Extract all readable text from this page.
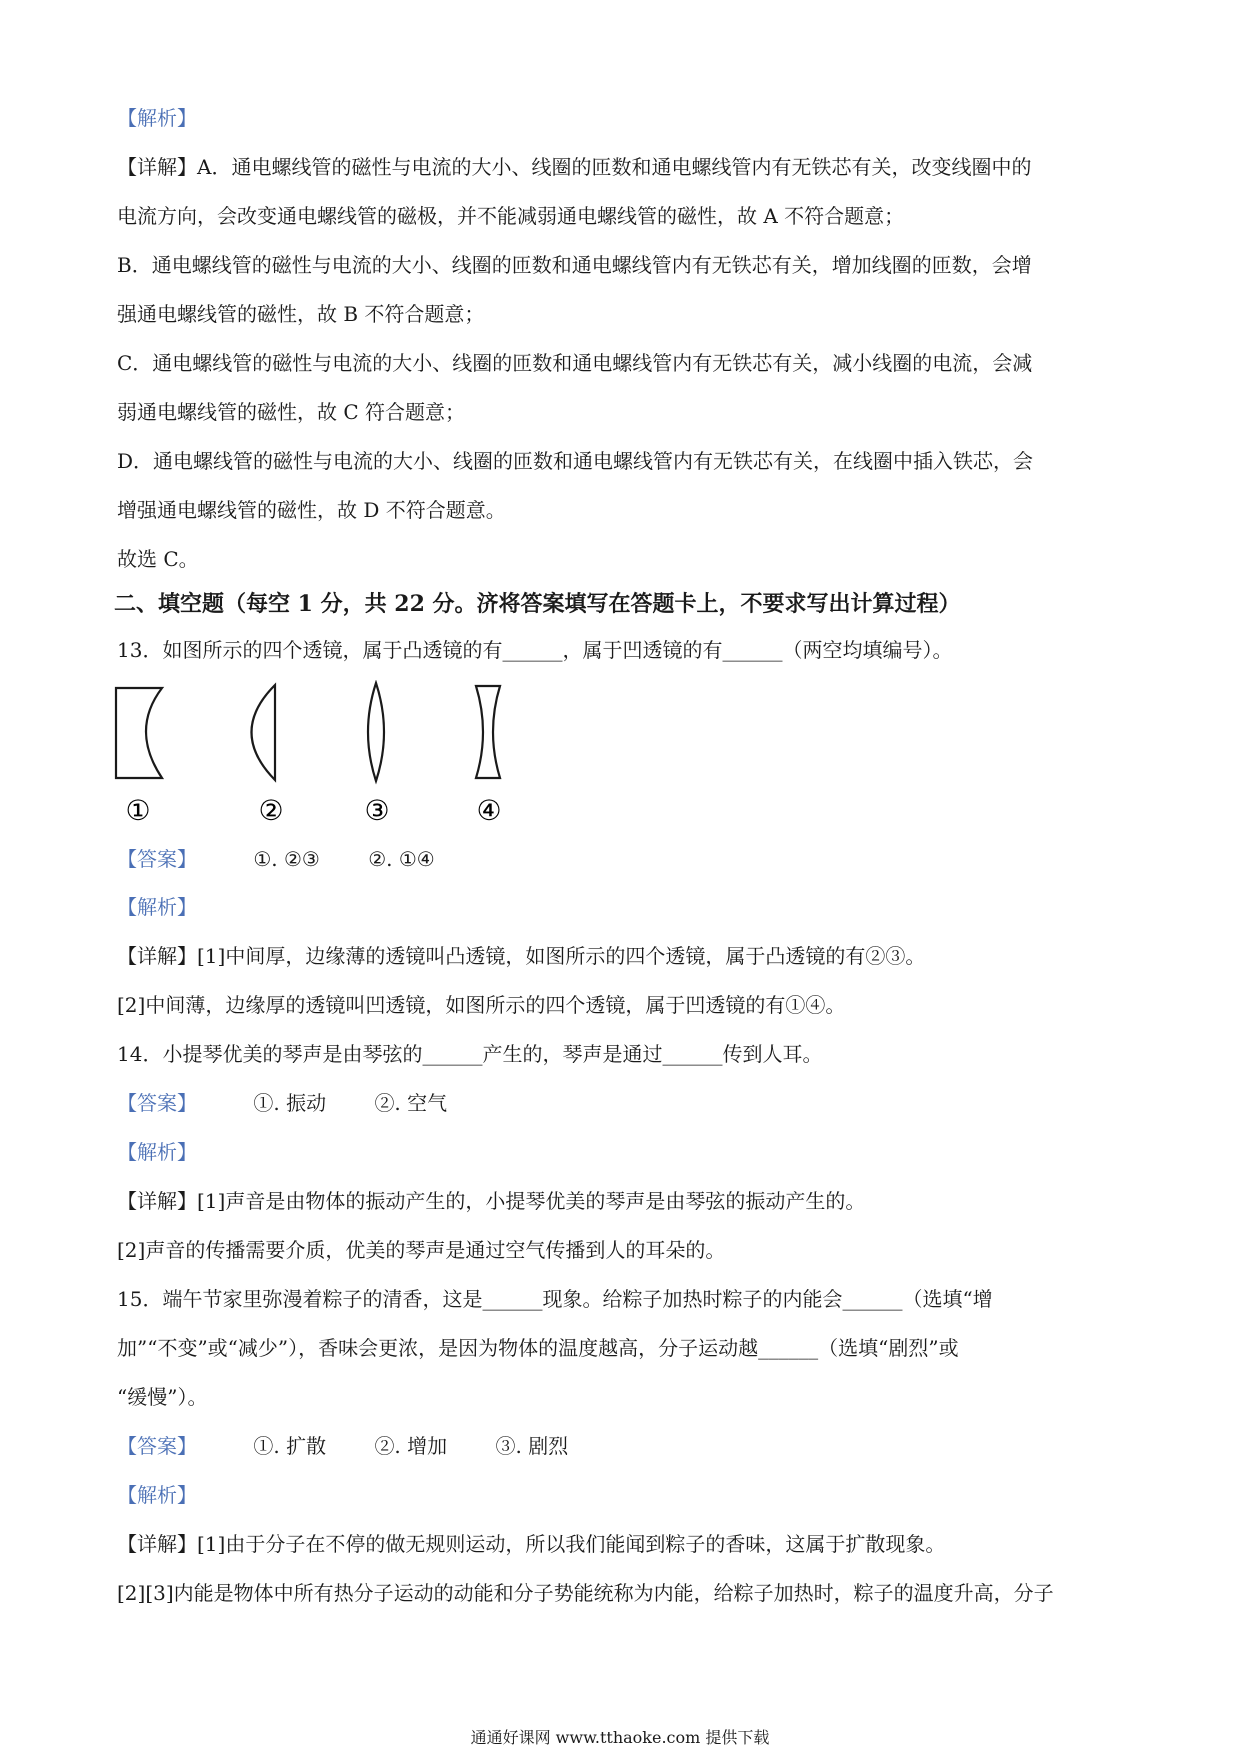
【解析】
【详解】A．通电螺线管的磁性与电流的大小、线圈的匝数和通电螺线管内有无铁芯有关，改变线圈中的
电流方向，会改变通电螺线管的磁极，并不能减弱通电螺线管的磁性，故 A 不符合题意；
B．通电螺线管的磁性与电流的大小、线圈的匝数和通电螺线管内有无铁芯有关，增加线圈的匝数，会增
强通电螺线管的磁性，故 B 不符合题意；
C．通电螺线管的磁性与电流的大小、线圈的匝数和通电螺线管内有无铁芯有关，减小线圈的电流，会减
弱通电螺线管的磁性，故 C 符合题意；
D．通电螺线管的磁性与电流的大小、线圈的匝数和通电螺线管内有无铁芯有关，在线圈中插入铁芯，会
增强通电螺线管的磁性，故 D 不符合题意。
故选 C。
二、填空题（每空 1 分，共 22 分。济将答案填写在答题卡上，不要求写出计算过程）
13．如图所示的四个透镜，属于凸透镜的有______，属于凹透镜的有______（两空均填编号）。
①	②	③	④
【答案】	①. ②③ ②. ①④
【解析】
【详解】[1]中间厚，边缘薄的透镜叫凸透镜，如图所示的四个透镜，属于凸透镜的有②③。
[2]中间薄，边缘厚的透镜叫凹透镜，如图所示的四个透镜，属于凹透镜的有①④。
14．小提琴优美的琴声是由琴弦的______产生的，琴声是通过______传到人耳。
【答案】	①. 振动 ②. 空气
【解析】
【详解】[1]声音是由物体的振动产生的，小提琴优美的琴声是由琴弦的振动产生的。
[2]声音的传播需要介质，优美的琴声是通过空气传播到人的耳朵的。
15．端午节家里弥漫着粽子的清香，这是______现象。给粽子加热时粽子的内能会______（选填“增
加”“不变”或“减少”），香味会更浓，是因为物体的温度越高，分子运动越______（选填“剧烈”或
“缓慢”）。
【答案】	①. 扩散 ②. 增加 ③. 剧烈
【解析】
【详解】[1]由于分子在不停的做无规则运动，所以我们能闻到粽子的香味，这属于扩散现象。
[2][3]内能是物体中所有热分子运动的动能和分子势能统称为内能，给粽子加热时，粽子的温度升高，分子
通通好课网 www.tthaoke.com 提供下载
